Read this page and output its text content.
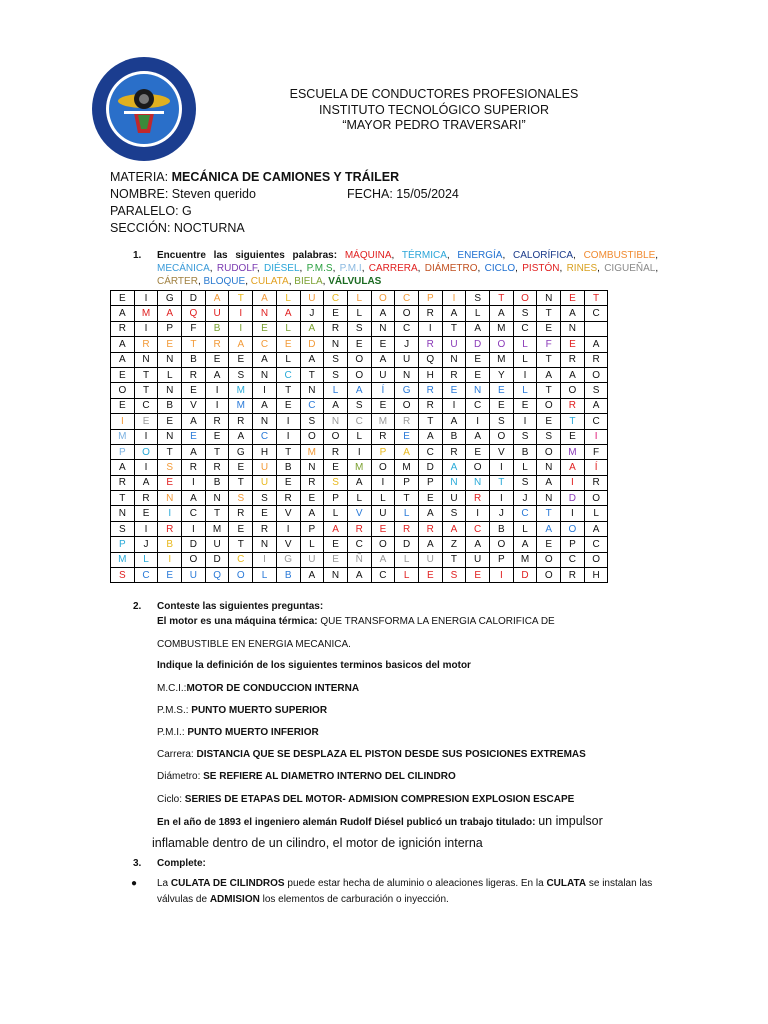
ESCUELA DE CONDUCTORES PROFESIONALES
INSTITUTO TECNOLÓGICO SUPERIOR
“MAYOR PEDRO TRAVERSARI”
MATERIA: MECÁNICA DE CAMIONES Y TRÁILER
NOMBRE: Steven querido	FECHA: 15/05/2024
PARALELO: G
SECCIÓN: NOCTURNA
1. Encuentre las siguientes palabras: MÁQUINA, TÉRMICA, ENERGÍA, CALORÍFICA, COMBUSTIBLE, MECÁNICA, RUDOLF, DIÉSEL, P.M.S, P.M.I, CARRERA, DIÁMETRO, CICLO, PISTÓN, RINES, CIGUEÑAL, CÁRTER, BLOQUE, CULATA, BIELA, VÁLVULAS
E	I	G	D	A	T	A	L	U	C	L	O	C	P	I	S	T	O	N	E	T
A	M	A	Q	U	I	N	A	J	E	L	A	O	R	A	L	A	S	T	A	C
R	I	P	F	B	I	E	L	A	R	S	N	C	I	T	A	M	C	E	N	
A	R	E	T	R	A	C	E	D	N	E	E	J	R	U	D	O	L	F	E	A
A	N	N	B	E	E	A	L	A	S	O	A	U	Q	N	E	M	L	T	R	R
E	T	L	R	A	S	N	C	T	S	O	U	N	H	R	E	Y	I	A	A	O
O	T	N	E	I	M	I	T	N	L	A	Í	G	R	E	N	E	L	T	O	S
E	C	B	V	I	M	A	E	C	A	S	E	O	R	I	C	E	E	O	R	A
I	E	E	A	R	R	N	I	S	N	C	M	R	T	A	I	S	I	E	T	C
M	I	N	E	E	A	C	I	O	O	L	R	E	A	B	A	O	S	S	E	I
P	O	T	A	T	G	H	T	M	R	I	P	A	C	R	E	V	B	O	M	F
A	I	S	R	R	E	U	B	N	E	M	O	M	D	A	O	I	L	N	A	Í
R	A	E	I	B	T	U	E	R	S	A	I	P	P	N	N	T	S	A	I	R
T	R	N	A	N	S	S	R	E	P	L	L	T	E	U	R	I	J	N	D	O
N	E	I	C	T	R	E	V	A	L	V	U	L	A	S	I	J	C	T	I	L
S	I	R	I	M	E	R	I	P	A	R	E	R	R	A	C	B	L	A	O	A
P	J	B	D	U	T	N	V	L	E	C	O	D	A	Z	A	O	A	E	P	C
M	L	I	O	D	C	I	G	U	E	Ñ	A	L	U	T	U	P	M	O	C	O
S	C	E	U	Q	O	L	B	A	N	A	C	L	E	S	E	I	D	O	R	H
2. Conteste las siguientes preguntas:
El motor es una máquina térmica: QUE TRANSFORMA LA ENERGIA CALORIFICA DE
COMBUSTIBLE EN ENERGIA MECANICA.
Indique la definición de los siguientes terminos basicos del motor
M.C.I.:MOTOR DE CONDUCCION INTERNA
P.M.S.: PUNTO MUERTO SUPERIOR
P.M.I.: PUNTO MUERTO INFERIOR
Carrera: DISTANCIA QUE SE DESPLAZA EL PISTON DESDE SUS POSICIONES EXTREMAS
Diámetro: SE REFIERE AL DIAMETRO INTERNO DEL CILINDRO
Ciclo: SERIES DE ETAPAS DEL MOTOR- ADMISION COMPRESION EXPLOSION ESCAPE
En el año de 1893 el ingeniero alemán Rudolf Diésel publicó un trabajo titulado: un impulsor
inflamable dentro de un cilindro, el motor de ignición interna
3. Complete:
● La CULATA DE CILINDROS puede estar hecha de aluminio o aleaciones ligeras. En la CULATA se instalan las válvulas de ADMISION los elementos de carburación o inyección.
